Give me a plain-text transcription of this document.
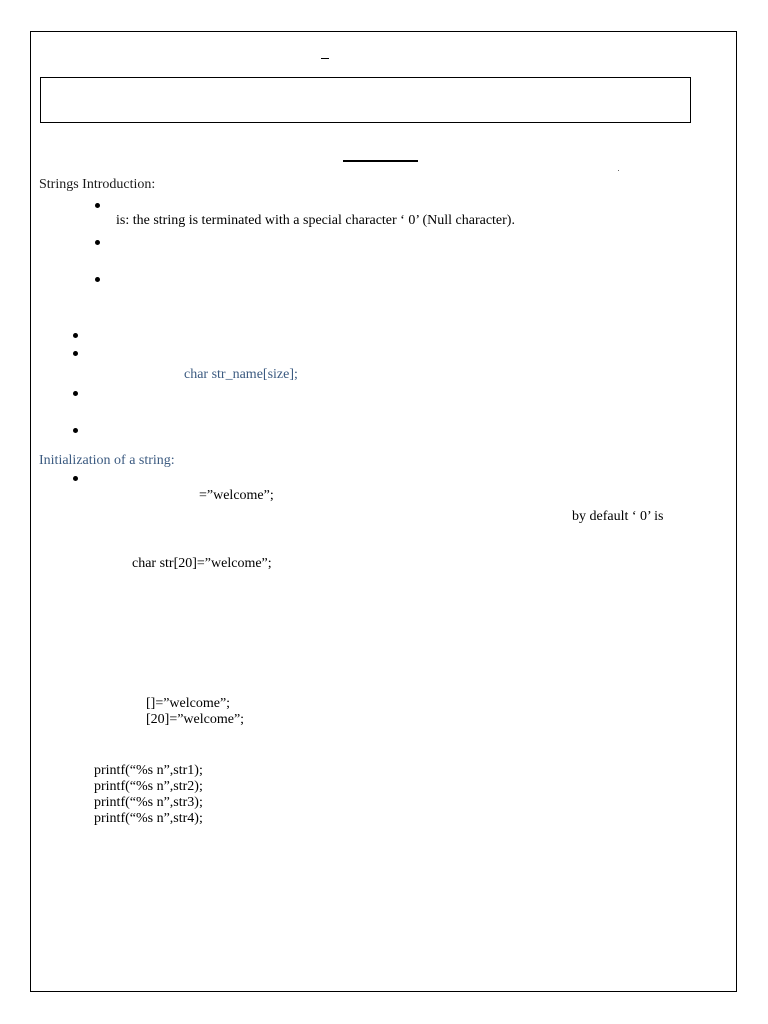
Strings Introduction:
is: the string is terminated with a special character ‘ 0’ (Null character).
char str_name[size];
Initialization of a string:
=”welcome”;
by default ‘ 0’ is
char str[20]=”welcome”;
[]=”welcome”;
[20]=”welcome”;
printf(“%s n”,str1);
printf(“%s n”,str2);
printf(“%s n”,str3);
printf(“%s n”,str4);
